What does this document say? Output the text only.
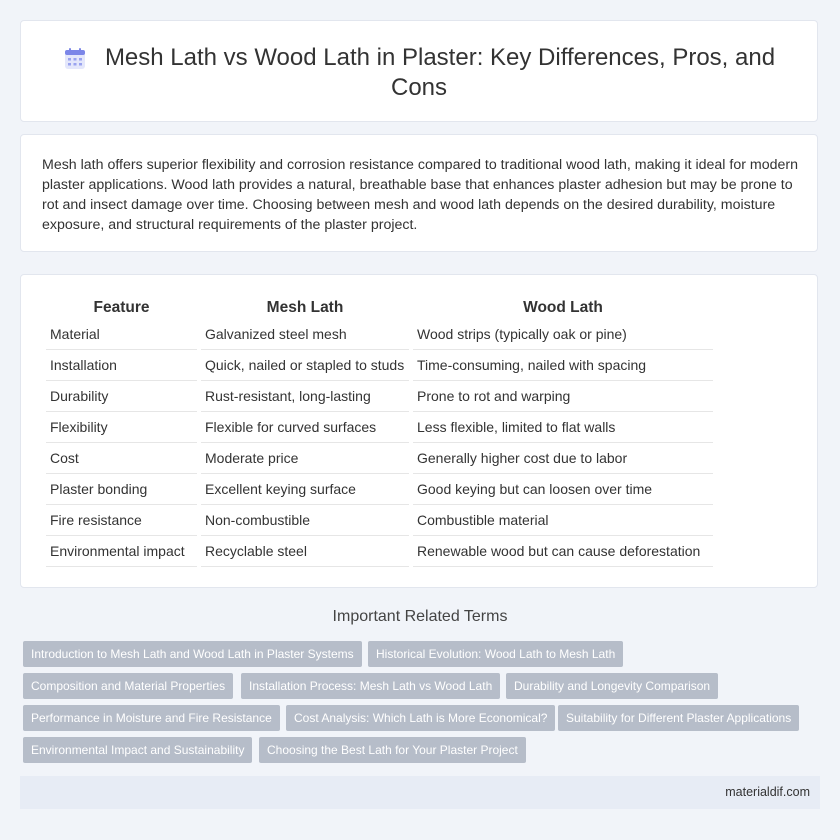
Mesh Lath vs Wood Lath in Plaster: Key Differences, Pros, and Cons

Mesh lath offers superior flexibility and corrosion resistance compared to traditional wood lath, making it ideal for modern plaster applications. Wood lath provides a natural, breathable base that enhances plaster adhesion but may be prone to rot and insect damage over time. Choosing between mesh and wood lath depends on the desired durability, moisture exposure, and structural requirements of the plaster project.

Feature	Mesh Lath	Wood Lath
Material	Galvanized steel mesh	Wood strips (typically oak or pine)
Installation	Quick, nailed or stapled to studs	Time-consuming, nailed with spacing
Durability	Rust-resistant, long-lasting	Prone to rot and warping
Flexibility	Flexible for curved surfaces	Less flexible, limited to flat walls
Cost	Moderate price	Generally higher cost due to labor
Plaster bonding	Excellent keying surface	Good keying but can loosen over time
Fire resistance	Non-combustible	Combustible material
Environmental impact	Recyclable steel	Renewable wood but can cause deforestation
Important Related Terms
Introduction to Mesh Lath and Wood Lath in Plaster Systems	Historical Evolution: Wood Lath to Mesh Lath
Composition and Material Properties	Installation Process: Mesh Lath vs Wood Lath	Durability and Longevity Comparison
Performance in Moisture and Fire Resistance	Cost Analysis: Which Lath is More Economical?	Suitability for Different Plaster Applications
Environmental Impact and Sustainability	Choosing the Best Lath for Your Plaster Project
materialdif.com
